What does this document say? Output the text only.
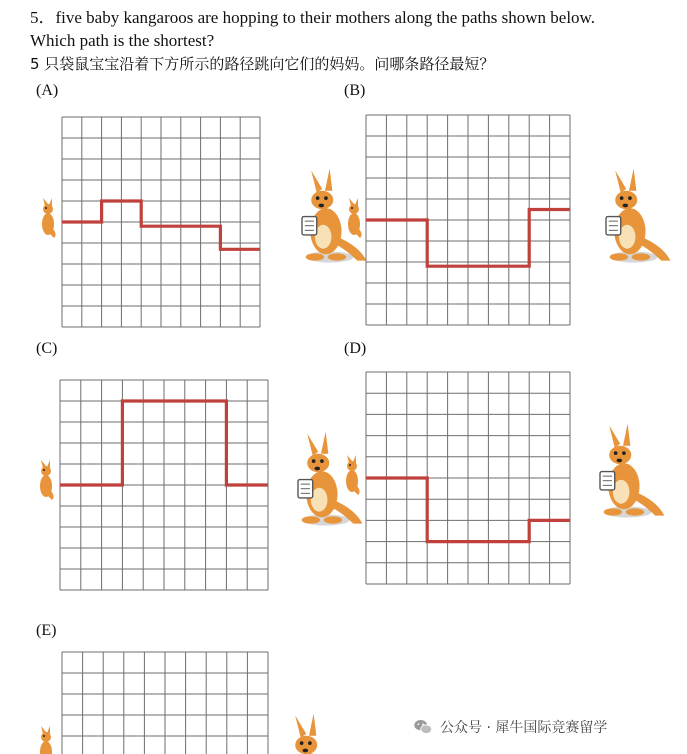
5．five baby kangaroos are hopping to their mothers along the paths shown below.
Which path is the shortest?
5 只袋鼠宝宝沿着下方所示的路径跳向它们的妈妈。问哪条路径最短？
(A)	(B)
(C)	(D)
(E)
公众号 · 犀牛国际竞赛留学
